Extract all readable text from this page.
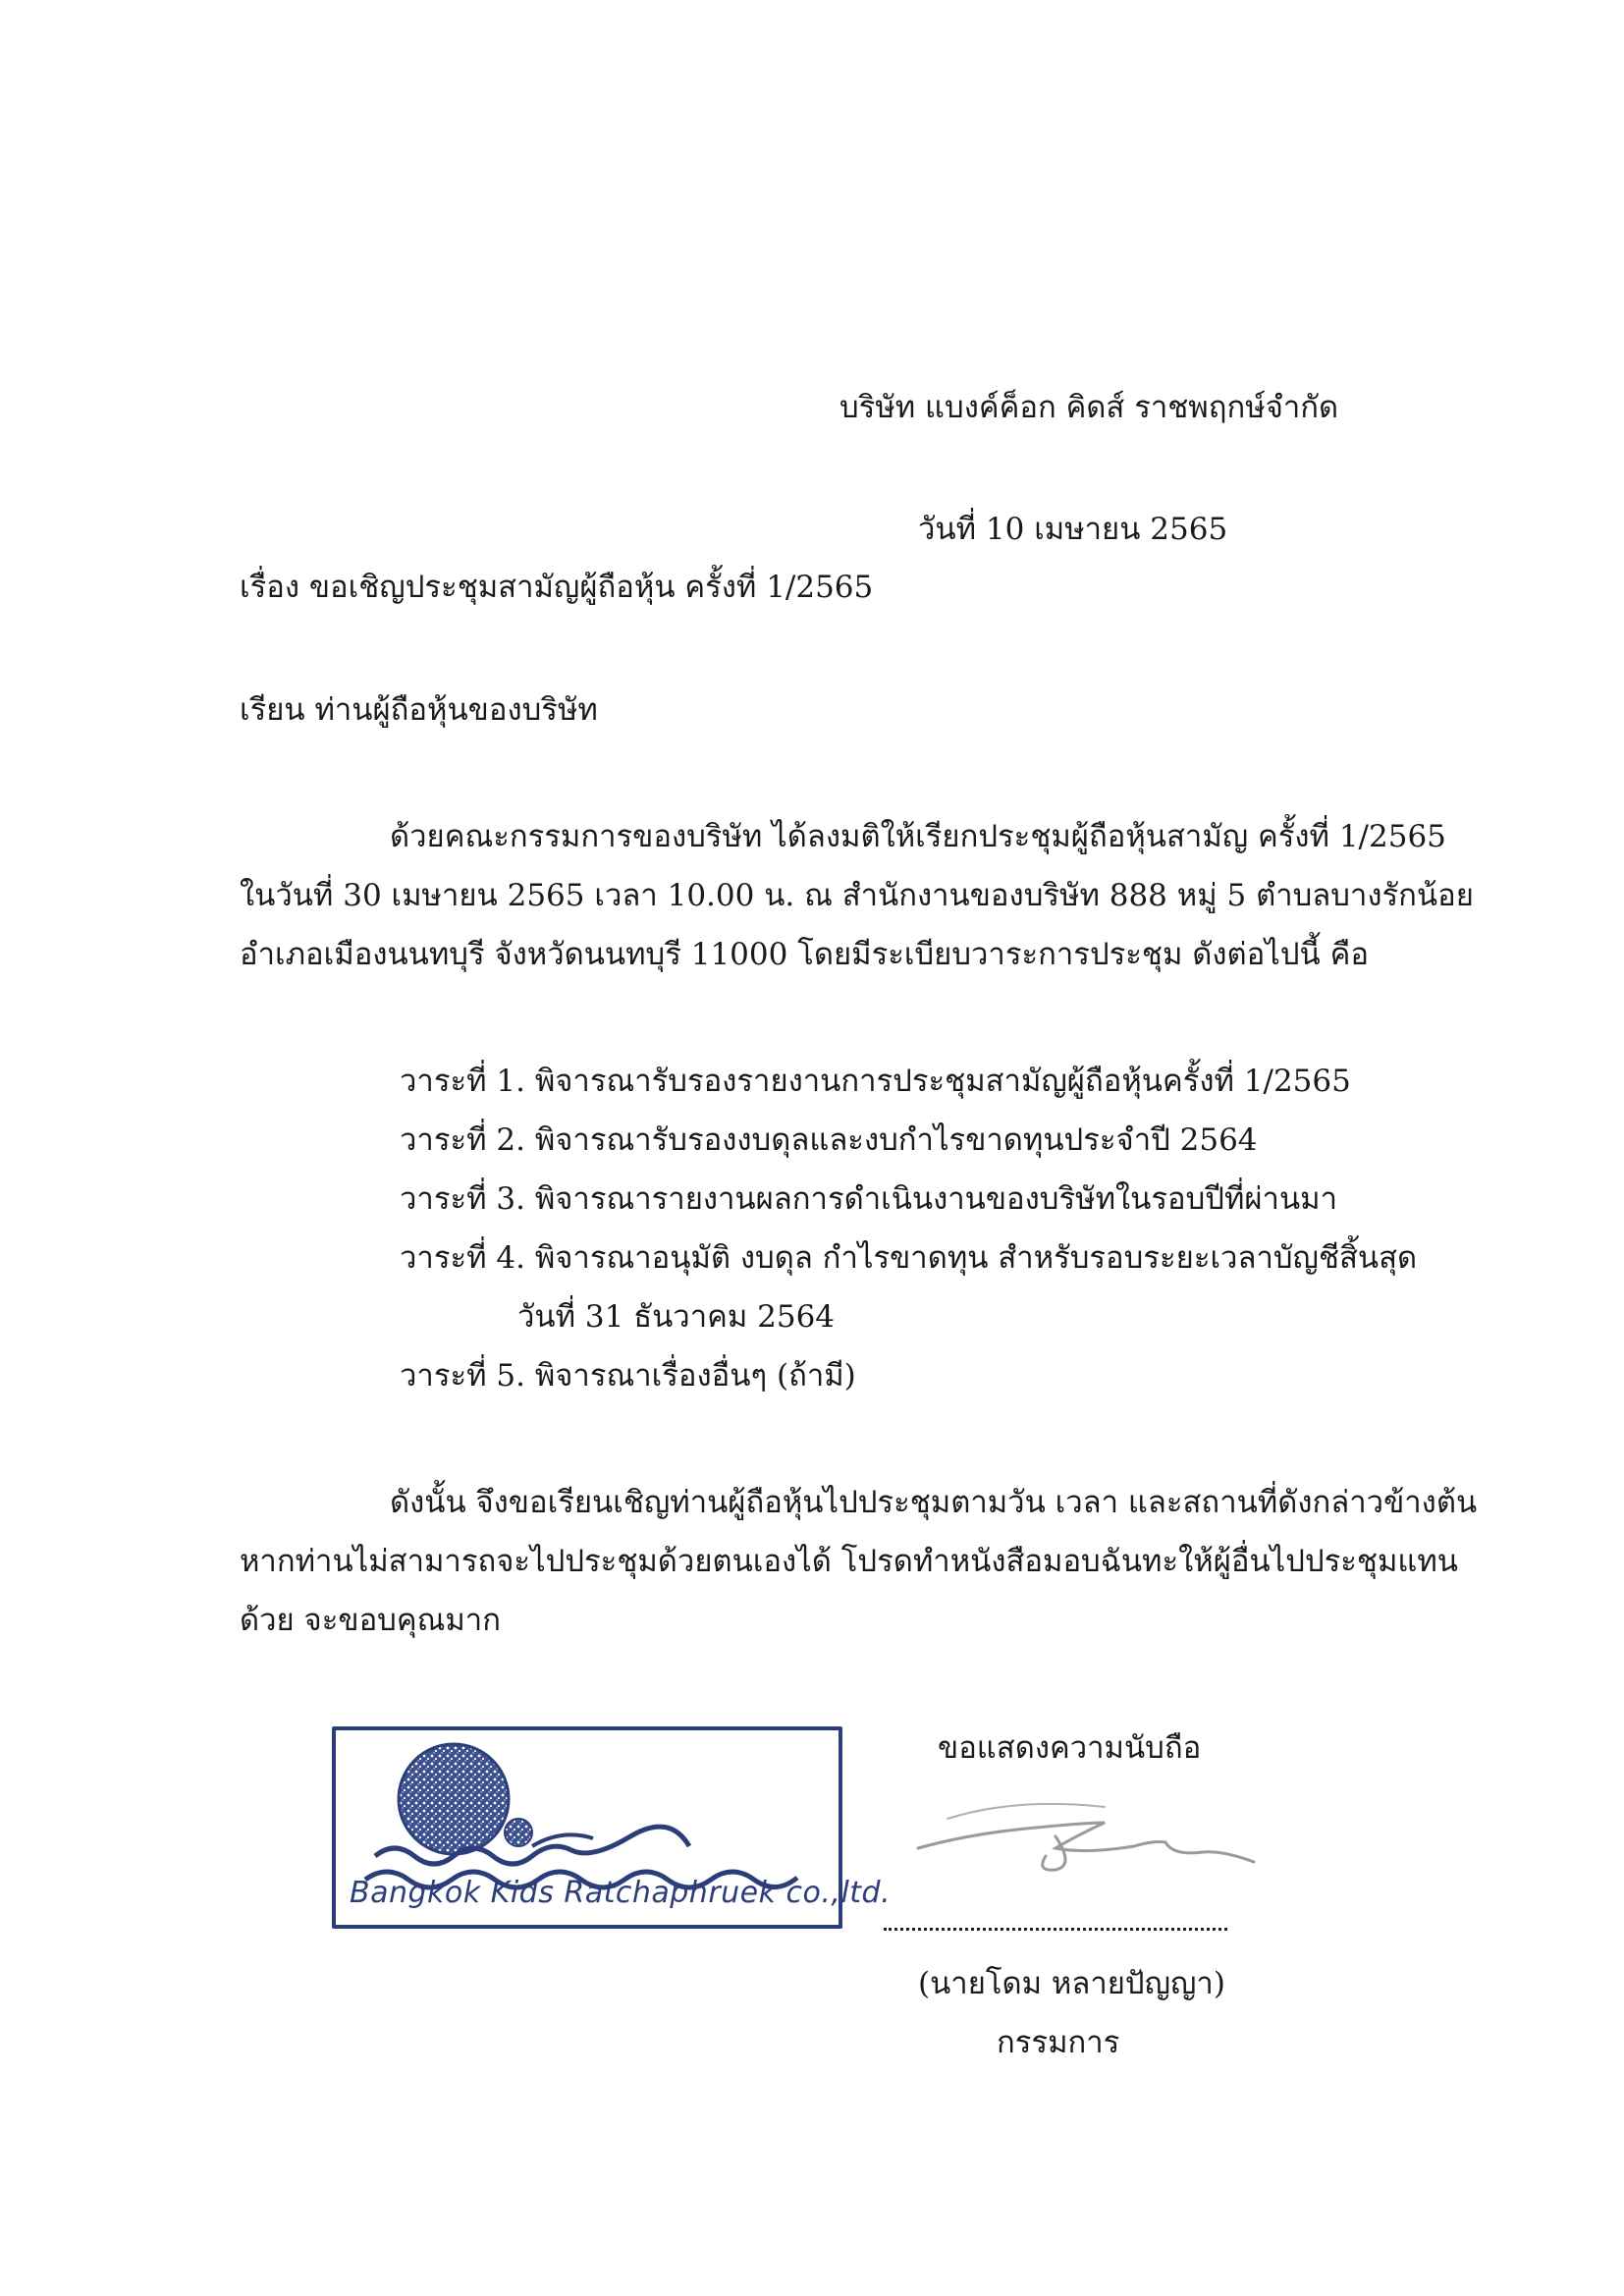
บริษัท แบงค์ค็อก คิดส์ ราชพฤกษ์จำกัด
วันที่ 10 เมษายน 2565
เรื่อง ขอเชิญประชุมสามัญผู้ถือหุ้น ครั้งที่ 1/2565
เรียน ท่านผู้ถือหุ้นของบริษัท
ด้วยคณะกรรมการของบริษัท ได้ลงมติให้เรียกประชุมผู้ถือหุ้นสามัญ ครั้งที่ 1/2565
ในวันที่ 30 เมษายน 2565 เวลา 10.00 น. ณ สำนักงานของบริษัท 888 หมู่ 5 ตำบลบางรักน้อย
อำเภอเมืองนนทบุรี จังหวัดนนทบุรี 11000 โดยมีระเบียบวาระการประชุม ดังต่อไปนี้ คือ
วาระที่ 1. พิจารณารับรองรายงานการประชุมสามัญผู้ถือหุ้นครั้งที่ 1/2565
วาระที่ 2. พิจารณารับรองงบดุลและงบกำไรขาดทุนประจำปี 2564
วาระที่ 3. พิจารณารายงานผลการดำเนินงานของบริษัทในรอบปีที่ผ่านมา
วาระที่ 4. พิจารณาอนุมัติ งบดุล กำไรขาดทุน สำหรับรอบระยะเวลาบัญชีสิ้นสุด
วันที่ 31 ธันวาคม 2564
วาระที่ 5. พิจารณาเรื่องอื่นๆ (ถ้ามี)
ดังนั้น จึงขอเรียนเชิญท่านผู้ถือหุ้นไปประชุมตามวัน เวลา และสถานที่ดังกล่าวข้างต้น
หากท่านไม่สามารถจะไปประชุมด้วยตนเองได้ โปรดทำหนังสือมอบฉันทะให้ผู้อื่นไปประชุมแทน
ด้วย จะขอบคุณมาก
Bangkok Kids Ratchaphruek co.,ltd.
ขอแสดงความนับถือ
(นายโดม หลายปัญญา)
กรรมการ
